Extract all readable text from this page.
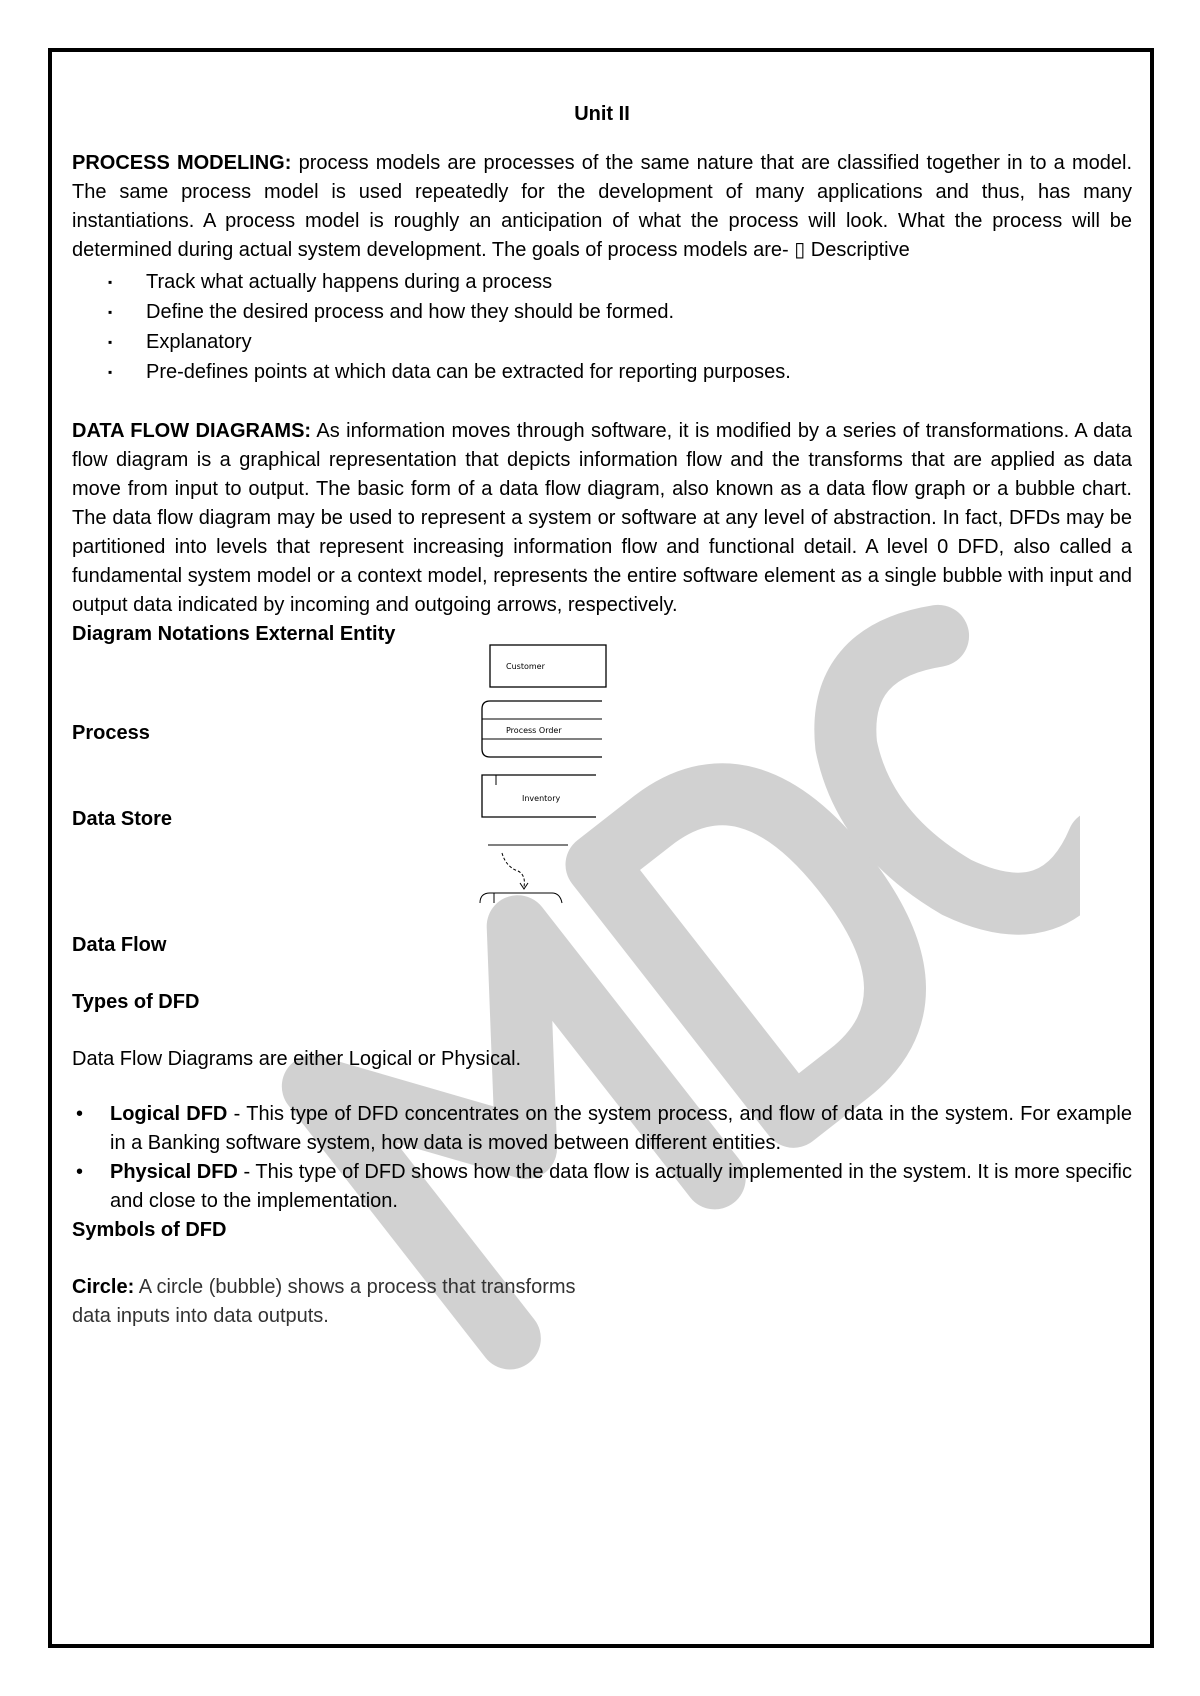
Unit II

PROCESS MODELING: process models are processes of the same nature that are classified together in to a model. The same process model is used repeatedly for the development of many applications and thus, has many instantiations. A process model is roughly an anticipation of what the process will look. What the process will be determined during actual system development. The goals of process models are- ▯ Descriptive

▪ Track what actually happens during a process
▪ Define the desired process and how they should be formed.
▪ Explanatory
▪ Pre-defines points at which data can be extracted for reporting purposes.

DATA FLOW DIAGRAMS: As information moves through software, it is modified by a series of transformations. A data flow diagram is a graphical representation that depicts information flow and the transforms that are applied as data move from input to output. The basic form of a data flow diagram, also known as a data flow graph or a bubble chart. The data flow diagram may be used to represent a system or software at any level of abstraction. In fact, DFDs may be partitioned into levels that represent increasing information flow and functional detail. A level 0 DFD, also called a fundamental system model or a context model, represents the entire software element as a single bubble with input and output data indicated by incoming and outgoing arrows, respectively.

Diagram Notations External Entity

Customer
Process	Process Order
Data Store
Inventory

Data Flow

Types of DFD

Data Flow Diagrams are either Logical or Physical.

• Logical DFD - This type of DFD concentrates on the system process, and flow of data in the system. For example in a Banking software system, how data is moved between different entities.
• Physical DFD - This type of DFD shows how the data flow is actually implemented in the system. It is more specific and close to the implementation.

Symbols of DFD

Circle: A circle (bubble) shows a process that transforms
data inputs into data outputs.
